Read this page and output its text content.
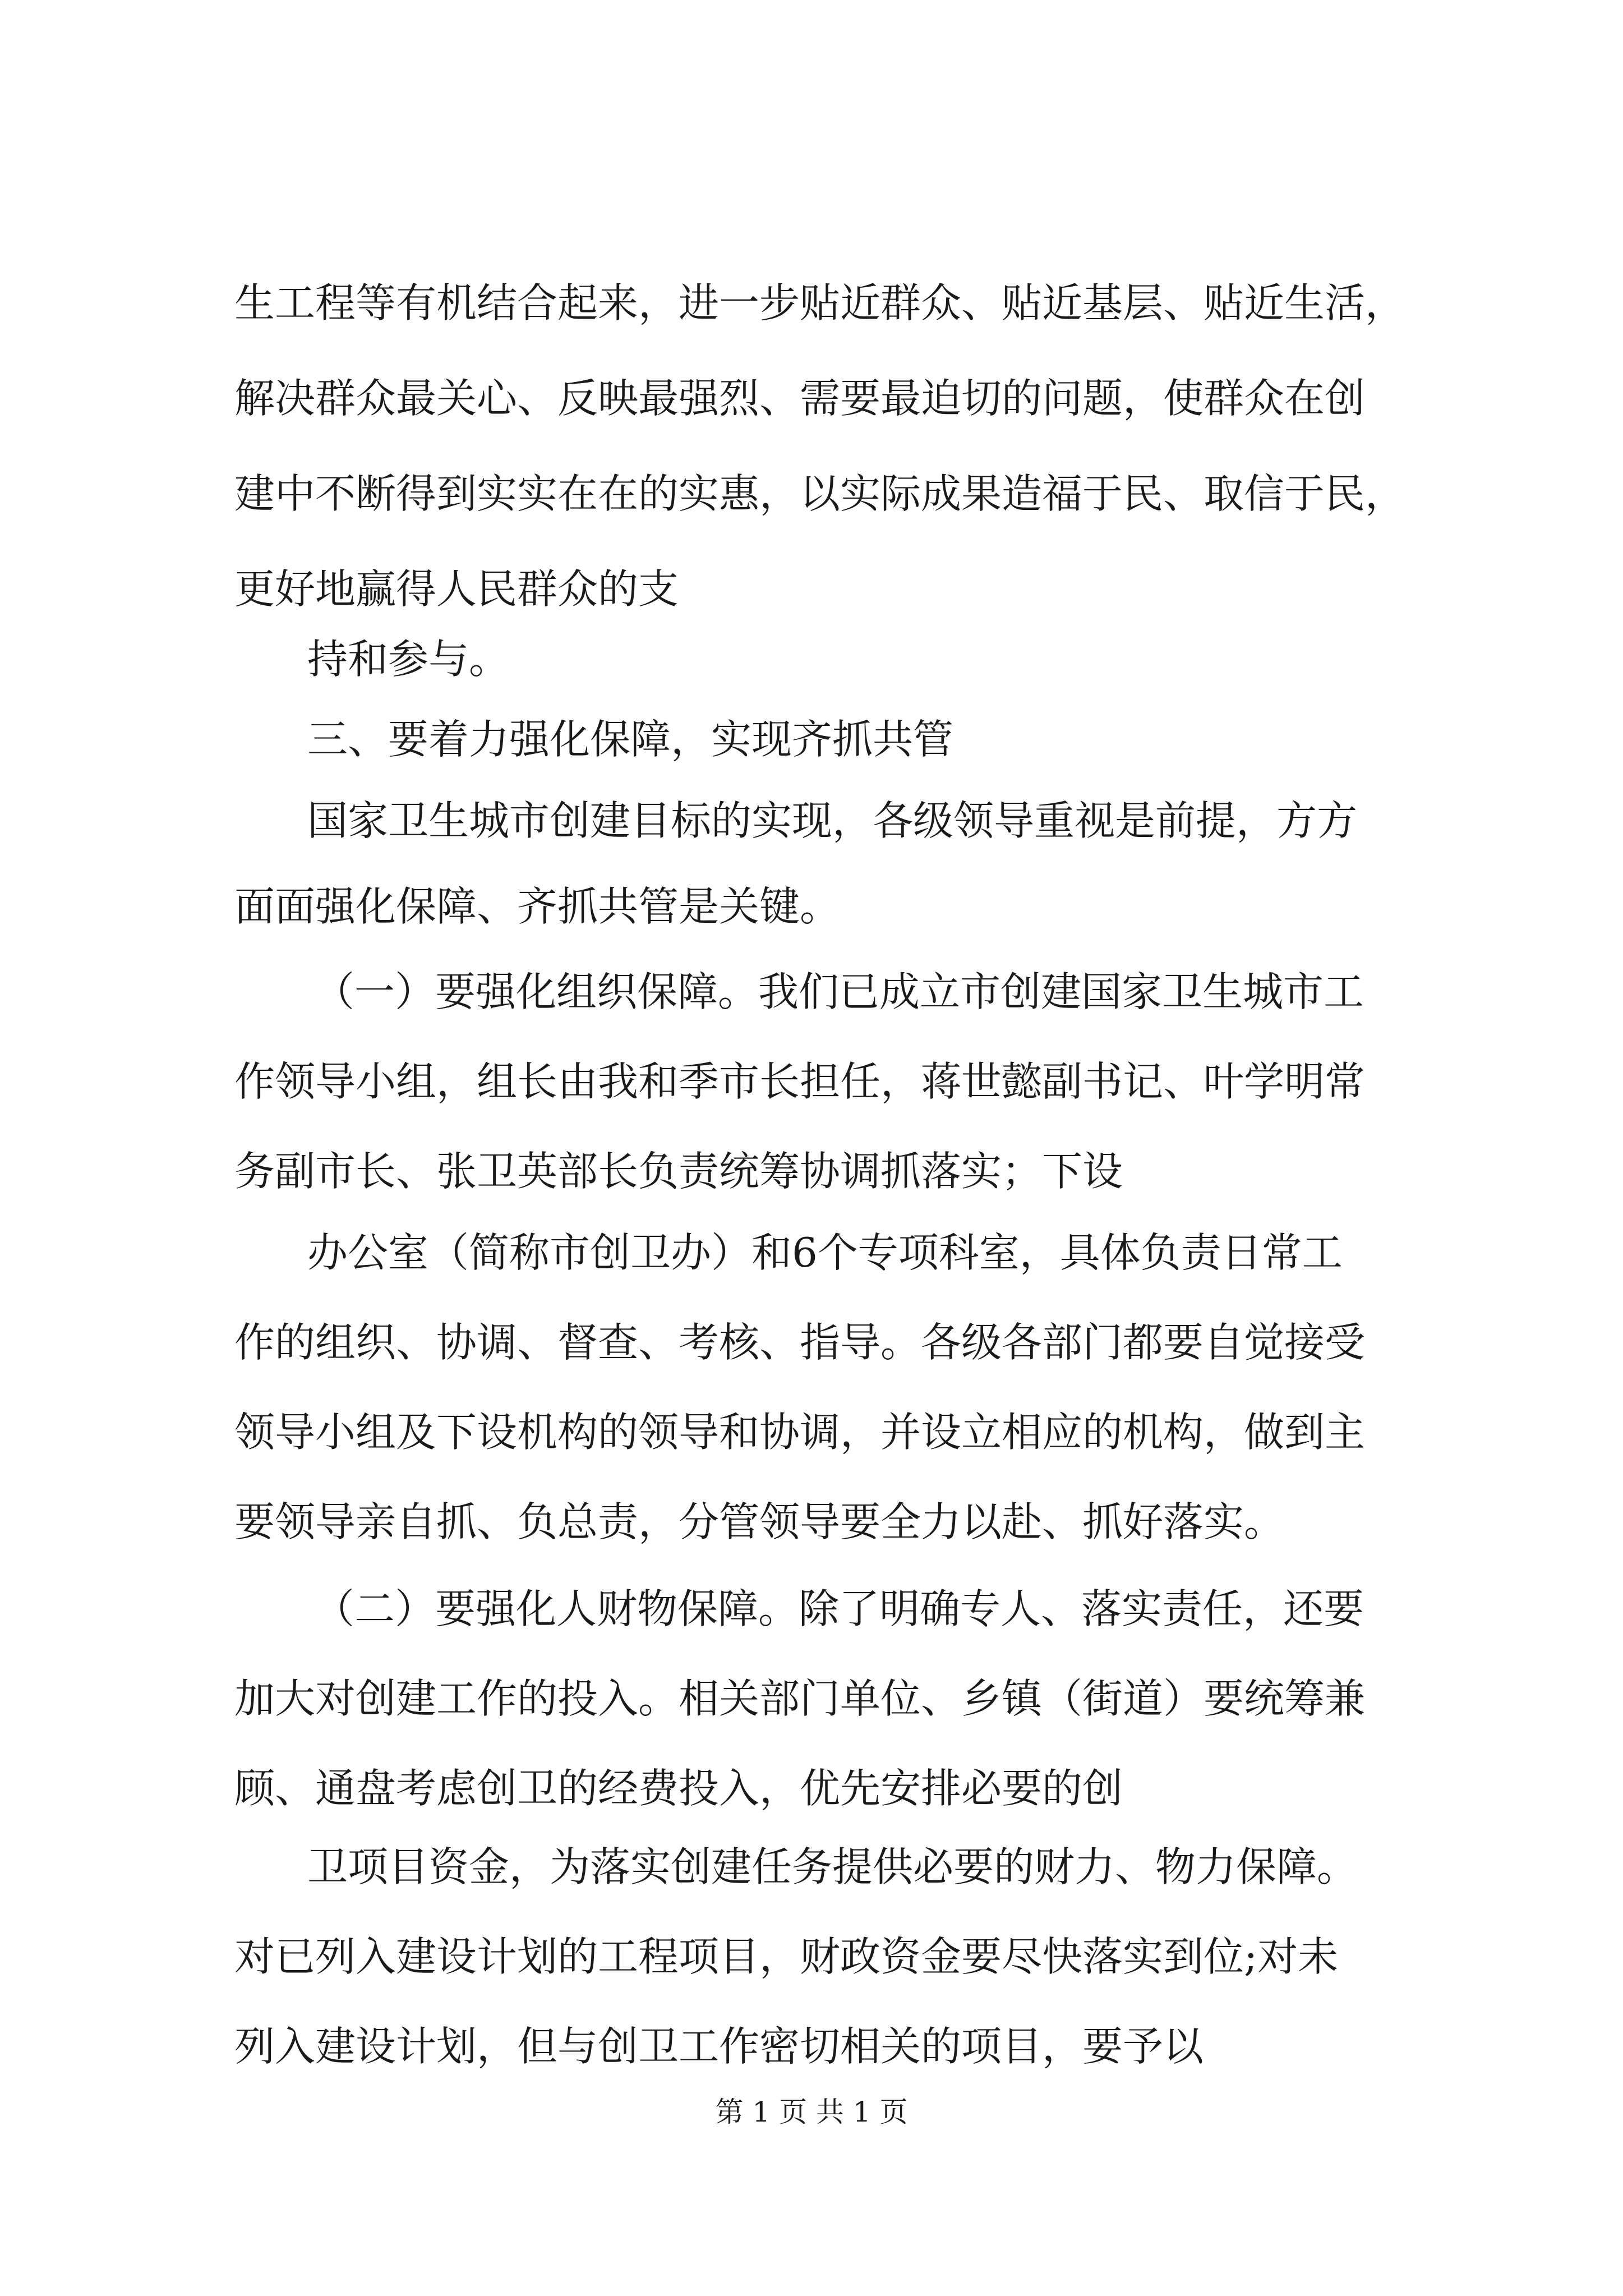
生工程等有机结合起来，进一步贴近群众、贴近基层、贴近生活，
解决群众最关心、反映最强烈、需要最迫切的问题，使群众在创
建中不断得到实实在在的实惠，以实际成果造福于民、取信于民，
更好地赢得人民群众的支
持和参与。
三、要着力强化保障，实现齐抓共管
国家卫生城市创建目标的实现，各级领导重视是前提，方方
面面强化保障、齐抓共管是关键。
（一）要强化组织保障。我们已成立市创建国家卫生城市工
作领导小组，组长由我和季市长担任，蒋世懿副书记、叶学明常
务副市长、张卫英部长负责统筹协调抓落实；下设
办公室（简称市创卫办）和6个专项科室，具体负责日常工
作的组织、协调、督查、考核、指导。各级各部门都要自觉接受
领导小组及下设机构的领导和协调，并设立相应的机构，做到主
要领导亲自抓、负总责，分管领导要全力以赴、抓好落实。
（二）要强化人财物保障。除了明确专人、落实责任，还要
加大对创建工作的投入。相关部门单位、乡镇（街道）要统筹兼
顾、通盘考虑创卫的经费投入，优先安排必要的创
卫项目资金，为落实创建任务提供必要的财力、物力保障。
对已列入建设计划的工程项目，财政资金要尽快落实到位;对未
列入建设计划，但与创卫工作密切相关的项目，要予以
第 1 页 共 1 页
